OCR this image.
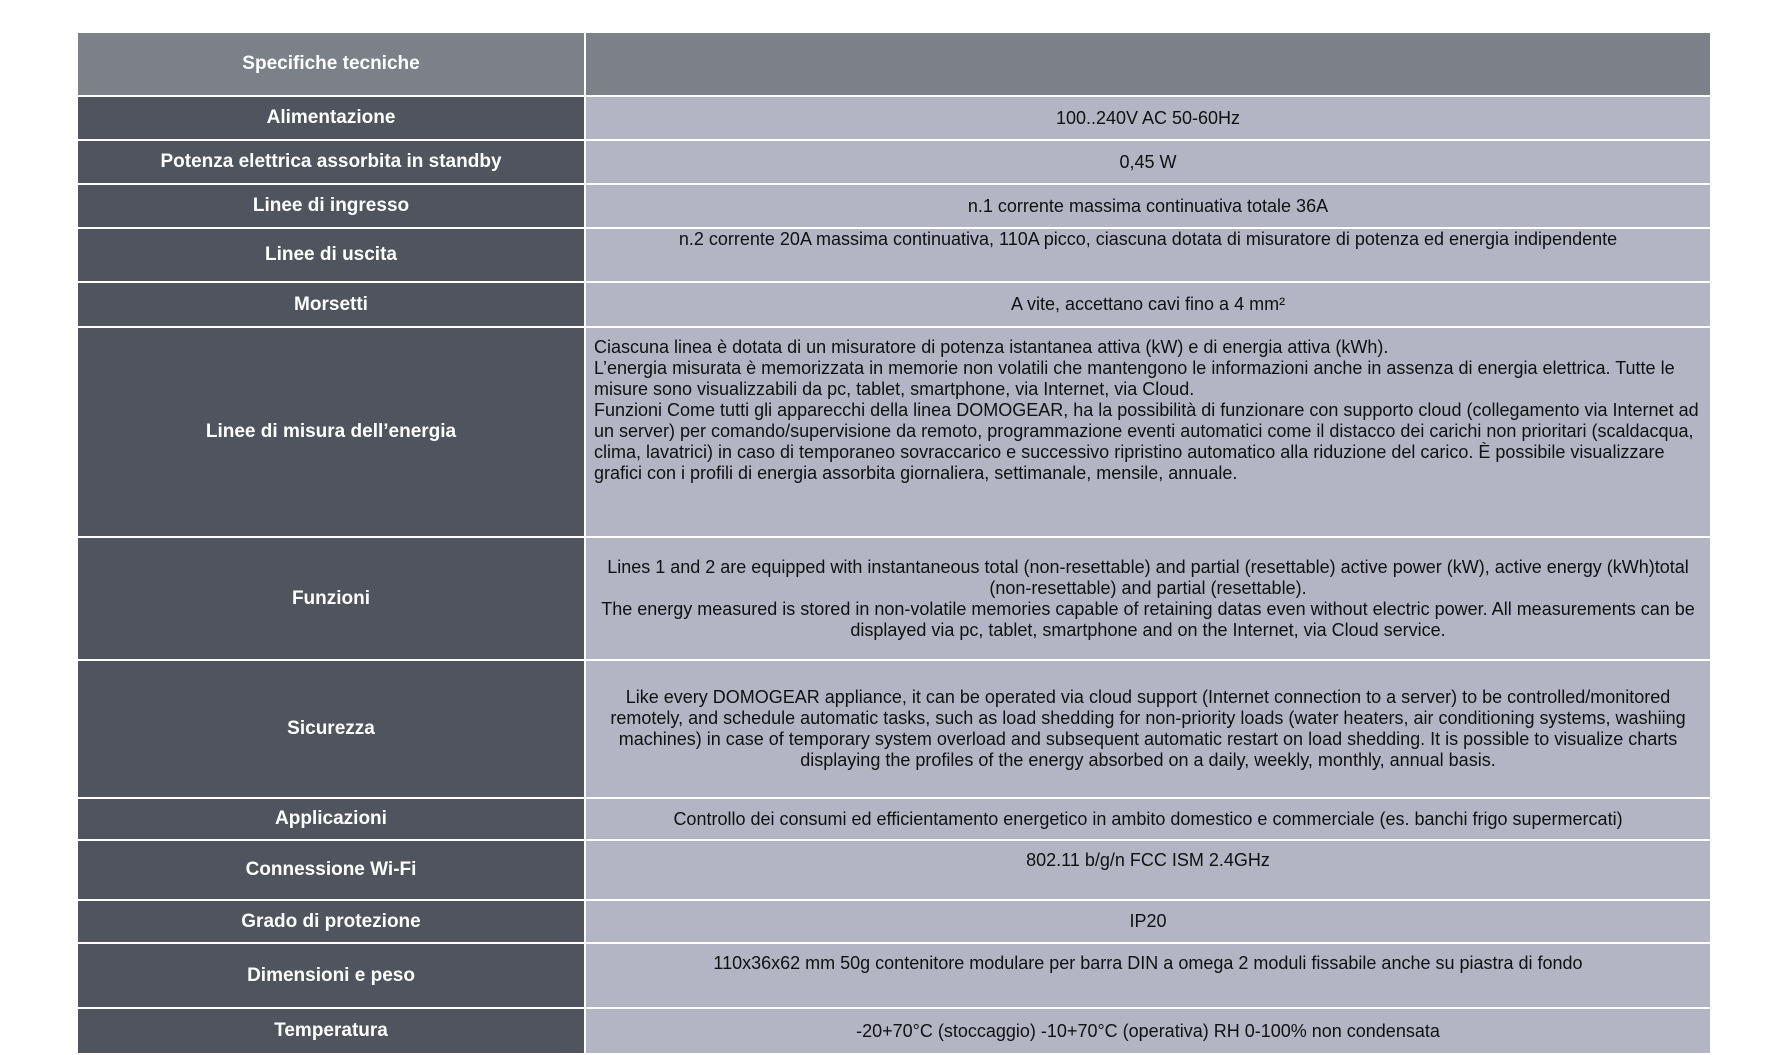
Specifiche tecniche	
Alimentazione	100..240V AC 50-60Hz
Potenza elettrica assorbita in standby	0,45 W
Linee di ingresso	n.1 corrente massima continuativa totale 36A
Linee di uscita	n.2 corrente 20A massima continuativa, 110A picco, ciascuna dotata di misuratore di potenza ed energia indipendente
Morsetti	A vite, accettano cavi fino a 4 mm²
Linee di misura dell’energia	Ciascuna linea è dotata di un misuratore di potenza istantanea attiva (kW) e di energia attiva (kWh).
L’energia misurata è memorizzata in memorie non volatili che mantengono le informazioni anche in assenza di energia elettrica. Tutte le misure sono visualizzabili da pc, tablet, smartphone, via Internet, via Cloud.
Funzioni Come tutti gli apparecchi della linea DOMOGEAR, ha la possibilità di funzionare con supporto cloud (collegamento via Internet ad un server) per comando/supervisione da remoto, programmazione eventi automatici come il distacco dei carichi non prioritari (scaldacqua, clima, lavatrici) in caso di temporaneo sovraccarico e successivo ripristino automatico alla riduzione del carico. È possibile visualizzare grafici con i profili di energia assorbita giornaliera, settimanale, mensile, annuale.

Funzioni	Lines 1 and 2 are equipped with instantaneous total (non-resettable) and partial (resettable) active power (kW), active energy (kWh)total (non-resettable) and partial (resettable).
The energy measured is stored in non-volatile memories capable of retaining datas even without electric power. All measurements can be displayed via pc, tablet, smartphone and on the Internet, via Cloud service.

Sicurezza	Like every DOMOGEAR appliance, it can be operated via cloud support (Internet connection to a server) to be controlled/monitored remotely, and schedule automatic tasks, such as load shedding for non-priority loads (water heaters, air conditioning systems, washiing machines) in case of temporary system overload and subsequent automatic restart on load shedding. It is possible to visualize charts displaying the profiles of the energy absorbed on a daily, weekly, monthly, annual basis.
Applicazioni	Controllo dei consumi ed efficientamento energetico in ambito domestico e commerciale (es. banchi frigo supermercati)
Connessione Wi-Fi	802.11 b/g/n FCC ISM 2.4GHz
Grado di protezione	IP20
Dimensioni e peso	110x36x62 mm 50g contenitore modulare per barra DIN a omega 2 moduli fissabile anche su piastra di fondo
Temperatura	-20+70°C (stoccaggio) -10+70°C (operativa) RH 0-100% non condensata
